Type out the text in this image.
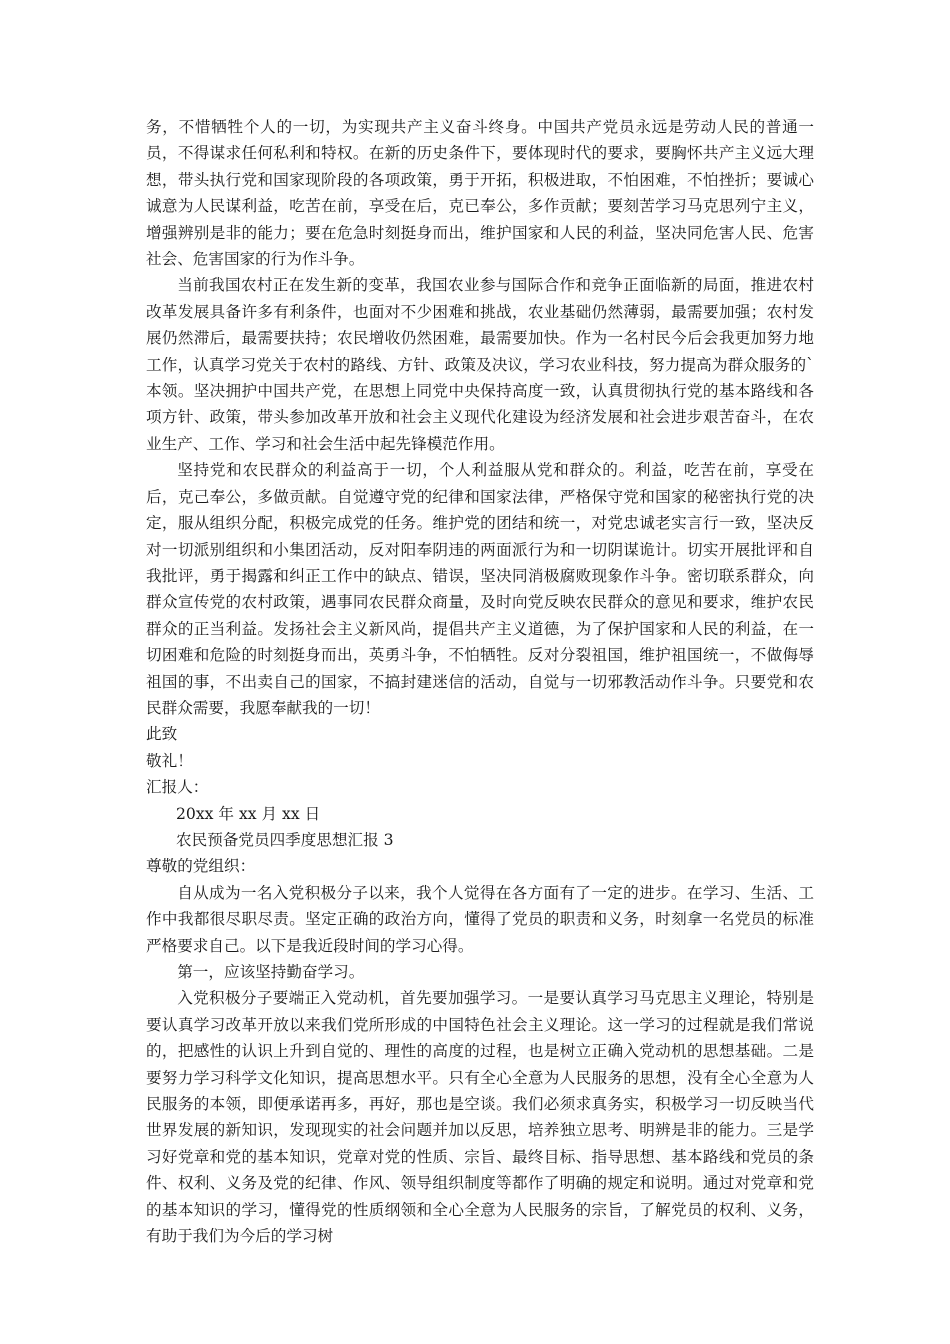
务，不惜牺牲个人的一切，为实现共产主义奋斗终身。中国共产党员永远是劳动人民的普通一员，不得谋求任何私利和特权。在新的历史条件下，要体现时代的要求，要胸怀共产主义远大理想，带头执行党和国家现阶段的各项政策，勇于开拓，积极进取，不怕困难，不怕挫折；要诚心诚意为人民谋利益，吃苦在前，享受在后，克已奉公，多作贡献；要刻苦学习马克思列宁主义，增强辨别是非的能力；要在危急时刻挺身而出，维护国家和人民的利益，坚决同危害人民、危害社会、危害国家的行为作斗争。

当前我国农村正在发生新的变革，我国农业参与国际合作和竞争正面临新的局面，推进农村改革发展具备许多有利条件，也面对不少困难和挑战，农业基础仍然薄弱，最需要加强；农村发展仍然滞后，最需要扶持；农民增收仍然困难，最需要加快。作为一名村民今后会我更加努力地工作，认真学习党关于农村的路线、方针、政策及决议，学习农业科技，努力提高为群众服务的`本领。坚决拥护中国共产党，在思想上同党中央保持高度一致，认真贯彻执行党的基本路线和各项方针、政策，带头参加改革开放和社会主义现代化建设为经济发展和社会进步艰苦奋斗，在农业生产、工作、学习和社会生活中起先锋模范作用。

坚持党和农民群众的利益高于一切，个人利益服从党和群众的。利益，吃苦在前，享受在后，克己奉公，多做贡献。自觉遵守党的纪律和国家法律，严格保守党和国家的秘密执行党的决定，服从组织分配，积极完成党的任务。维护党的团结和统一，对党忠诚老实言行一致，坚决反对一切派别组织和小集团活动，反对阳奉阴违的两面派行为和一切阴谋诡计。切实开展批评和自我批评，勇于揭露和纠正工作中的缺点、错误，坚决同消极腐败现象作斗争。密切联系群众，向群众宣传党的农村政策，遇事同农民群众商量，及时向党反映农民群众的意见和要求，维护农民群众的正当利益。发扬社会主义新风尚，提倡共产主义道德，为了保护国家和人民的利益，在一切困难和危险的时刻挺身而出，英勇斗争，不怕牺牲。反对分裂祖国，维护祖国统一，不做侮辱祖国的事，不出卖自己的国家，不搞封建迷信的活动，自觉与一切邪教活动作斗争。只要党和农民群众需要，我愿奉献我的一切！

此致

敬礼！

汇报人：

20xx 年 xx 月 xx 日

农民预备党员四季度思想汇报 3

尊敬的党组织：

自从成为一名入党积极分子以来，我个人觉得在各方面有了一定的进步。在学习、生活、工作中我都很尽职尽责。坚定正确的政治方向，懂得了党员的职责和义务，时刻拿一名党员的标准严格要求自己。以下是我近段时间的学习心得。

第一，应该坚持勤奋学习。

入党积极分子要端正入党动机，首先要加强学习。一是要认真学习马克思主义理论，特别是要认真学习改革开放以来我们党所形成的中国特色社会主义理论。这一学习的过程就是我们常说的，把感性的认识上升到自觉的、理性的高度的过程，也是树立正确入党动机的思想基础。二是要努力学习科学文化知识，提高思想水平。只有全心全意为人民服务的思想，没有全心全意为人民服务的本领，即便承诺再多，再好，那也是空谈。我们必须求真务实，积极学习一切反映当代世界发展的新知识，发现现实的社会问题并加以反思，培养独立思考、明辨是非的能力。三是学习好党章和党的基本知识，党章对党的性质、宗旨、最终目标、指导思想、基本路线和党员的条件、权利、义务及党的纪律、作风、领导组织制度等都作了明确的规定和说明。通过对党章和党的基本知识的学习，懂得党的性质纲领和全心全意为人民服务的宗旨，了解党员的权利、义务，有助于我们为今后的学习树
